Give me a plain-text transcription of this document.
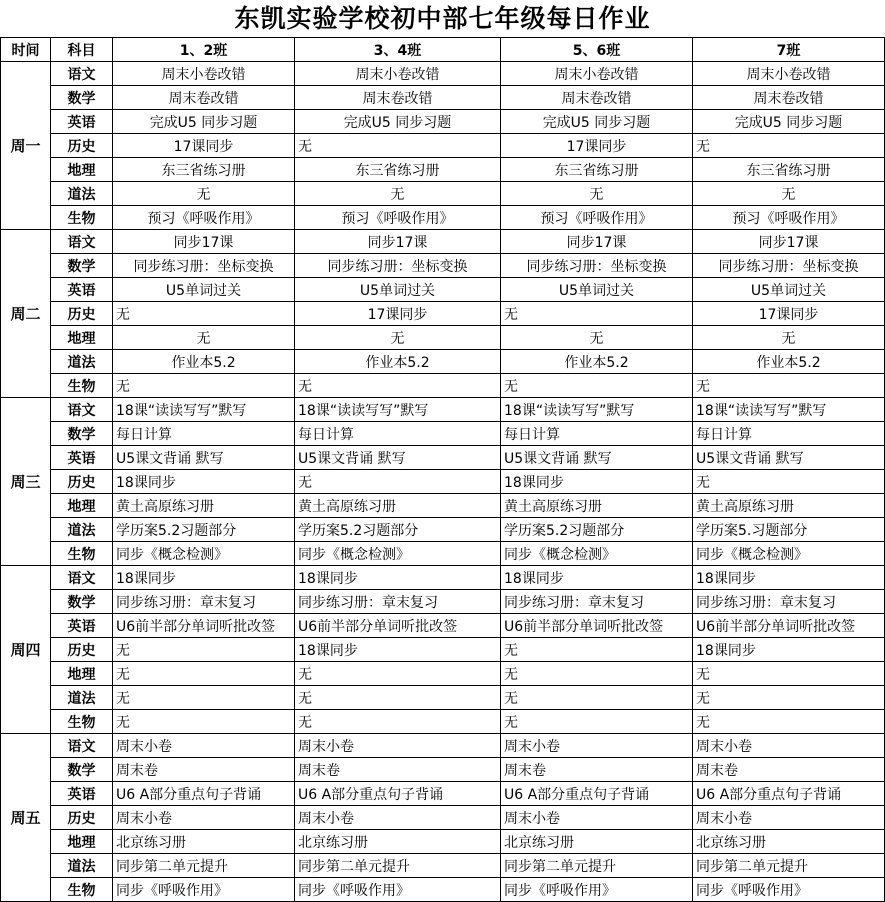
东凯实验学校初中部七年级每日作业
时间	科目	1、2班	3、4班	5、6班	7班
周一	语文	周末小卷改错	周末小卷改错	周末小卷改错	周末小卷改错
	数学	周末卷改错	周末卷改错	周末卷改错	周末卷改错
	英语	完成U5 同步习题	完成U5 同步习题	完成U5 同步习题	完成U5 同步习题
	历史	17课同步	无	17课同步	无
	地理	东三省练习册	东三省练习册	东三省练习册	东三省练习册
	道法	无	无	无	无
	生物	预习《呼吸作用》	预习《呼吸作用》	预习《呼吸作用》	预习《呼吸作用》
周二	语文	同步17课	同步17课	同步17课	同步17课
	数学	同步练习册：坐标变换	同步练习册：坐标变换	同步练习册：坐标变换	同步练习册：坐标变换
	英语	U5单词过关	U5单词过关	U5单词过关	U5单词过关
	历史	无	17课同步	无	17课同步
	地理	无	无	无	无
	道法	作业本5.2	作业本5.2	作业本5.2	作业本5.2
	生物	无	无	无	无
周三	语文	18课“读读写写”默写	18课“读读写写”默写	18课“读读写写”默写	18课“读读写写”默写
	数学	每日计算	每日计算	每日计算	每日计算
	英语	U5课文背诵 默写	U5课文背诵 默写	U5课文背诵 默写	U5课文背诵 默写
	历史	18课同步	无	18课同步	无
	地理	黄土高原练习册	黄土高原练习册	黄土高原练习册	黄土高原练习册
	道法	学历案5.2习题部分	学历案5.2习题部分	学历案5.2习题部分	学历案5.习题部分
	生物	同步《概念检测》	同步《概念检测》	同步《概念检测》	同步《概念检测》
周四	语文	18课同步	18课同步	18课同步	18课同步
	数学	同步练习册：章末复习	同步练习册：章末复习	同步练习册：章末复习	同步练习册：章末复习
	英语	U6前半部分单词听批改签	U6前半部分单词听批改签	U6前半部分单词听批改签	U6前半部分单词听批改签
	历史	无	18课同步	无	18课同步
	地理	无	无	无	无
	道法	无	无	无	无
	生物	无	无	无	无
周五	语文	周末小卷	周末小卷	周末小卷	周末小卷
	数学	周末卷	周末卷	周末卷	周末卷
	英语	U6 A部分重点句子背诵	U6 A部分重点句子背诵	U6 A部分重点句子背诵	U6 A部分重点句子背诵
	历史	周末小卷	周末小卷	周末小卷	周末小卷
	地理	北京练习册	北京练习册	北京练习册	北京练习册
	道法	同步第二单元提升	同步第二单元提升	同步第二单元提升	同步第二单元提升
	生物	同步《呼吸作用》	同步《呼吸作用》	同步《呼吸作用》	同步《呼吸作用》
